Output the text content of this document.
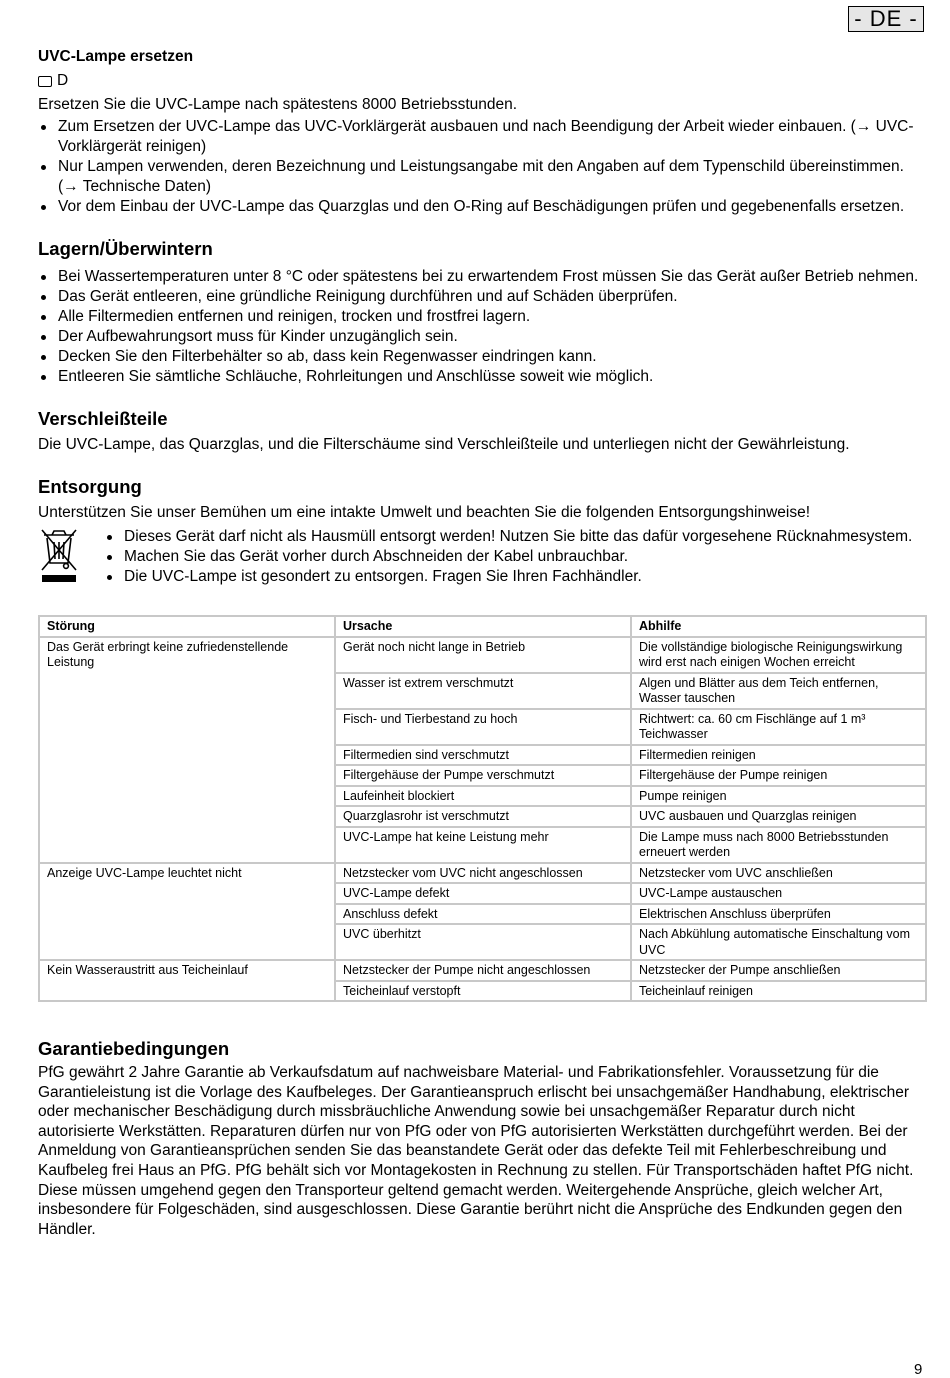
- DE -
UVC-Lampe ersetzen
D

Ersetzen Sie die UVC-Lampe nach spätestens 8000 Betriebsstunden.

Zum Ersetzen der UVC-Lampe das UVC-Vorklärgerät ausbauen und nach Beendigung der Arbeit wieder einbauen. (→ UVC-Vorklärgerät reinigen)
Nur Lampen verwenden, deren Bezeichnung und Leistungsangabe mit den Angaben auf dem Typenschild übereinstimmen. (→ Technische Daten)
Vor dem Einbau der UVC-Lampe das Quarzglas und den O-Ring auf Beschädigungen prüfen und gegebenenfalls ersetzen.
Lagern/Überwintern
Bei Wassertemperaturen unter 8 °C oder spätestens bei zu erwartendem Frost müssen Sie das Gerät außer Betrieb nehmen.
Das Gerät entleeren, eine gründliche Reinigung durchführen und auf Schäden überprüfen.
Alle Filtermedien entfernen und reinigen, trocken und frostfrei lagern.
Der Aufbewahrungsort muss für Kinder unzugänglich sein.
Decken Sie den Filterbehälter so ab, dass kein Regenwasser eindringen kann.
Entleeren Sie sämtliche Schläuche, Rohrleitungen und Anschlüsse soweit wie möglich.
Verschleißteile

Die UVC-Lampe, das Quarzglas, und die Filterschäume sind Verschleißteile und unterliegen nicht der Gewährleistung.

Entsorgung

Unterstützen Sie unser Bemühen um eine intakte Umwelt und beachten Sie die folgenden Entsorgungshinweise!

Dieses Gerät darf nicht als Hausmüll entsorgt werden! Nutzen Sie bitte das dafür vorgesehene Rücknahmesystem.
Machen Sie das Gerät vorher durch Abschneiden der Kabel unbrauchbar.
Die UVC-Lampe ist gesondert zu entsorgen. Fragen Sie Ihren Fachhändler.
Störung	Ursache	Abhilfe
Das Gerät erbringt keine zufriedenstellende Leistung	Gerät noch nicht lange in Betrieb	Die vollständige biologische Reinigungswirkung wird erst nach einigen Wochen erreicht
	Wasser ist extrem verschmutzt	Algen und Blätter aus dem Teich entfernen, Wasser tauschen
	Fisch- und Tierbestand zu hoch	Richtwert: ca. 60 cm Fischlänge auf 1 m³ Teichwasser
	Filtermedien sind verschmutzt	Filtermedien reinigen
	Filtergehäuse der Pumpe verschmutzt	Filtergehäuse der Pumpe reinigen
	Laufeinheit blockiert	Pumpe reinigen
	Quarzglasrohr ist verschmutzt	UVC ausbauen und Quarzglas reinigen
	UVC-Lampe hat keine Leistung mehr	Die Lampe muss nach 8000 Betriebsstunden erneuert werden
Anzeige UVC-Lampe leuchtet nicht	Netzstecker vom UVC nicht angeschlossen	Netzstecker vom UVC anschließen
	UVC-Lampe defekt	UVC-Lampe austauschen
	Anschluss defekt	Elektrischen Anschluss überprüfen
	UVC überhitzt	Nach Abkühlung automatische Einschaltung vom UVC
Kein Wasseraustritt aus Teicheinlauf	Netzstecker der Pumpe nicht angeschlossen	Netzstecker der Pumpe anschließen
	Teicheinlauf verstopft	Teicheinlauf reinigen
Garantiebedingungen

PfG gewährt 2 Jahre Garantie ab Verkaufsdatum auf nachweisbare Material- und Fabrikationsfehler. Voraussetzung für die Garantieleistung ist die Vorlage des Kaufbeleges. Der Garantieanspruch erlischt bei unsachgemäßer Handhabung, elektrischer oder mechanischer Beschädigung durch missbräuchliche Anwendung sowie bei unsachgemäßer Reparatur durch nicht autorisierte Werkstätten. Reparaturen dürfen nur von PfG oder von PfG autorisierten Werkstätten durchgeführt werden. Bei der Anmeldung von Garantieansprüchen senden Sie das beanstandete Gerät oder das defekte Teil mit Fehlerbeschreibung und Kaufbeleg frei Haus an PfG. PfG behält sich vor Montagekosten in Rechnung zu stellen. Für Transportschäden haftet PfG nicht. Diese müssen umgehend gegen den Transporteur geltend gemacht werden. Weitergehende Ansprüche, gleich welcher Art, insbesondere für Folgeschäden, sind ausgeschlossen. Diese Garantie berührt nicht die Ansprüche des Endkunden gegen den Händler.

9
